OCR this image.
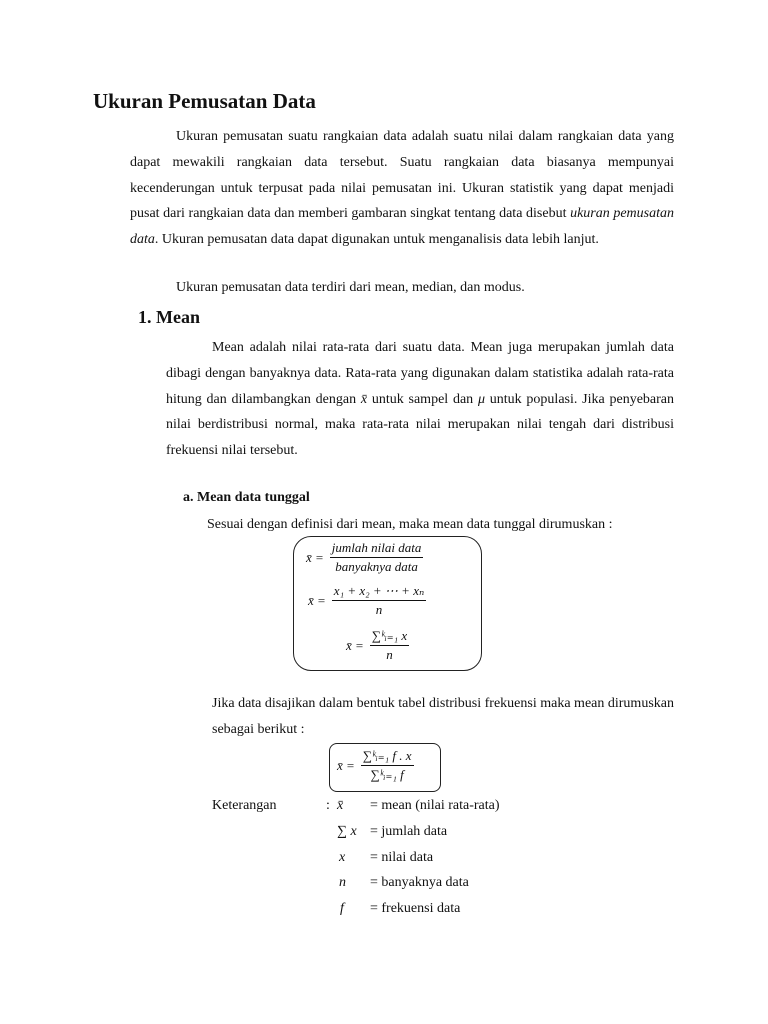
Ukuran Pemusatan Data
Ukuran pemusatan suatu rangkaian data adalah suatu nilai dalam rangkaian data yang dapat mewakili rangkaian data tersebut. Suatu rangkaian data biasanya mempunyai kecenderungan untuk terpusat pada nilai pemusatan ini. Ukuran statistik yang dapat menjadi pusat dari rangkaian data dan memberi gambaran singkat tentang data disebut ukuran pemusatan data. Ukuran pemusatan data dapat digunakan untuk menganalisis data lebih lanjut.
Ukuran pemusatan data terdiri dari mean, median, dan modus.
1. Mean
Mean adalah nilai rata-rata dari suatu data. Mean juga merupakan jumlah data dibagi dengan banyaknya data. Rata-rata yang digunakan dalam statistika adalah rata-rata hitung dan dilambangkan dengan x̄ untuk sampel dan μ untuk populasi. Jika penyebaran nilai berdistribusi normal, maka rata-rata nilai merupakan nilai tengah dari distribusi frekuensi nilai tersebut.
a. Mean data tunggal
Sesuai dengan definisi dari mean, maka mean data tunggal dirumuskan :
x̄ = $\frac{\text{jumlah nilai data}}{\text{banyaknya data}}$
x̄ = $\frac{\text{x₁ + x₂ + ⋯ + xₙ}}{n}$
x̄ = $\frac{\text{∑ᵏᵢ₌₁ x}}{n}$
Jika data disajikan dalam bentuk tabel distribusi frekuensi maka mean dirumuskan sebagai berikut :
x̄ = $\frac{\text{∑ᵏᵢ₌₁ f . x}}{\text{∑ᵏᵢ₌₁ f}}$
Keterangan	: x̄ = mean (nilai rata-rata)
∑ x = jumlah data
x = nilai data
n = banyaknya data
f = frekuensi data
